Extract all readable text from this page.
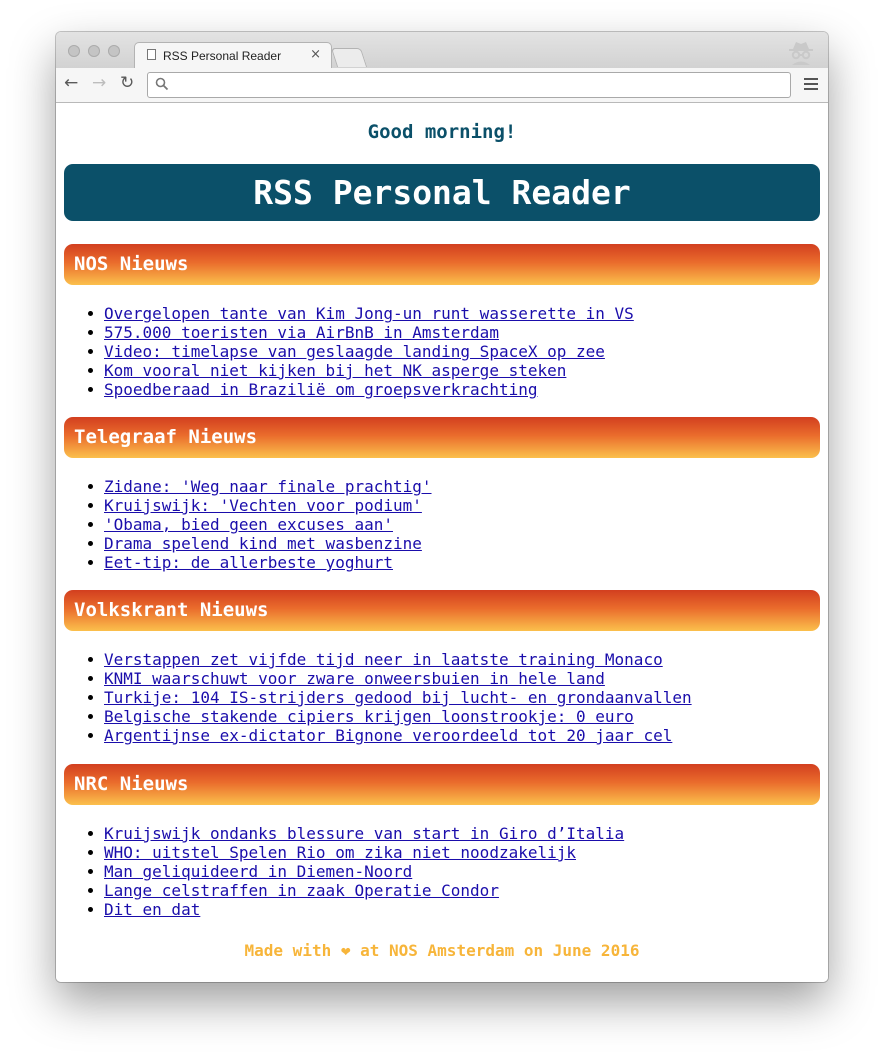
RSS Personal Reader ×
← → ↻
Good morning!
RSS Personal Reader
NOS Nieuws
Overgelopen tante van Kim Jong-un runt wasserette in VS
575.000 toeristen via AirBnB in Amsterdam
Video: timelapse van geslaagde landing SpaceX op zee
Kom vooral niet kijken bij het NK asperge steken
Spoedberaad in Brazilië om groepsverkrachting
Telegraaf Nieuws
Zidane: 'Weg naar finale prachtig'
Kruijswijk: 'Vechten voor podium'
'Obama, bied geen excuses aan'
Drama spelend kind met wasbenzine
Eet-tip: de allerbeste yoghurt
Volkskrant Nieuws
Verstappen zet vijfde tijd neer in laatste training Monaco
KNMI waarschuwt voor zware onweersbuien in hele land
Turkije: 104 IS-strijders gedood bij lucht- en grondaanvallen
Belgische stakende cipiers krijgen loonstrookje: 0 euro
Argentijnse ex-dictator Bignone veroordeeld tot 20 jaar cel
NRC Nieuws
Kruijswijk ondanks blessure van start in Giro d’Italia
WHO: uitstel Spelen Rio om zika niet noodzakelijk
Man geliquideerd in Diemen-Noord
Lange celstraffen in zaak Operatie Condor
Dit en dat
Made with ❤ at NOS Amsterdam on June 2016
